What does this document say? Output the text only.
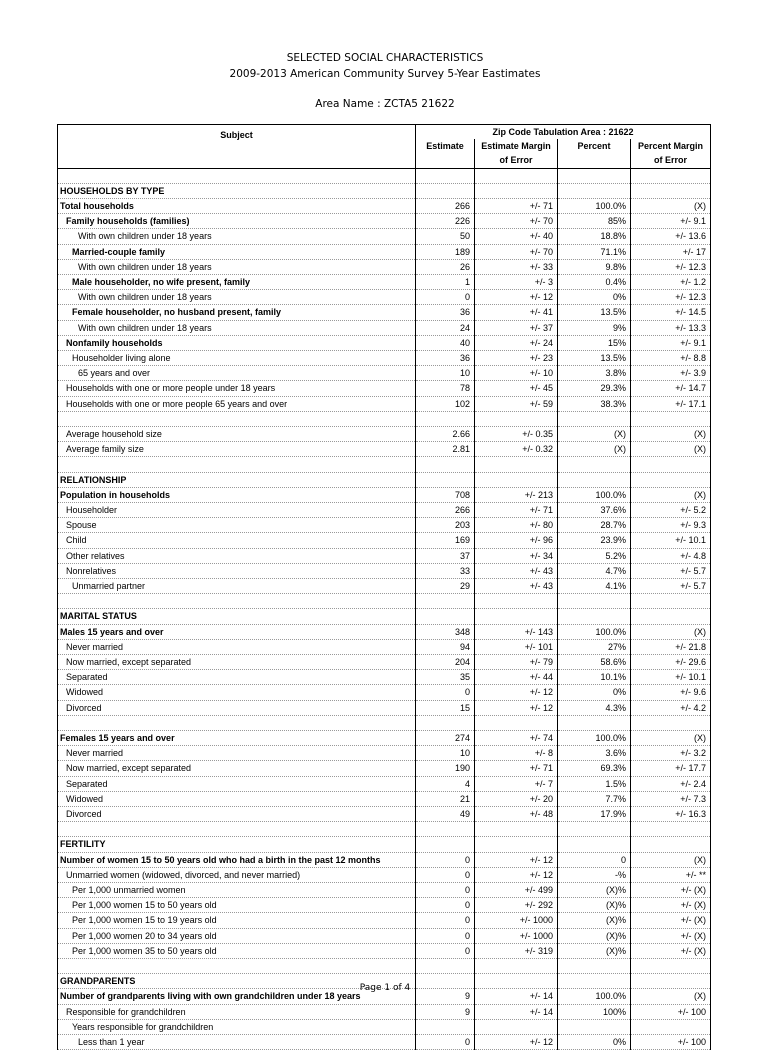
SELECTED SOCIAL CHARACTERISTICS
2009-2013 American Community Survey 5-Year Eastimates
Area Name : ZCTA5 21622
Subject	Zip Code Tabulation Area : 21622			
	Estimate	Estimate Margin	Percent	Percent Margin
		of Error		of Error

HOUSEHOLDS BY TYPE				
Total households	266	+/- 71	100.0%	(X)
Family households (families)	226	+/- 70	85%	+/- 9.1
With own children under 18 years	50	+/- 40	18.8%	+/- 13.6
Married-couple family	189	+/- 70	71.1%	+/- 17
With own children under 18 years	26	+/- 33	9.8%	+/- 12.3
Male householder, no wife present, family	1	+/- 3	0.4%	+/- 1.2
With own children under 18 years	0	+/- 12	0%	+/- 12.3
Female householder, no husband present, family	36	+/- 41	13.5%	+/- 14.5
With own children under 18 years	24	+/- 37	9%	+/- 13.3
Nonfamily households	40	+/- 24	15%	+/- 9.1
Householder living alone	36	+/- 23	13.5%	+/- 8.8
65 years and over	10	+/- 10	3.8%	+/- 3.9
Households with one or more people under 18 years	78	+/- 45	29.3%	+/- 14.7
Households with one or more people 65 years and over	102	+/- 59	38.3%	+/- 17.1

Average household size	2.66	+/- 0.35	(X)	(X)
Average family size	2.81	+/- 0.32	(X)	(X)

RELATIONSHIP				
Population in households	708	+/- 213	100.0%	(X)
Householder	266	+/- 71	37.6%	+/- 5.2
Spouse	203	+/- 80	28.7%	+/- 9.3
Child	169	+/- 96	23.9%	+/- 10.1
Other relatives	37	+/- 34	5.2%	+/- 4.8
Nonrelatives	33	+/- 43	4.7%	+/- 5.7
Unmarried partner	29	+/- 43	4.1%	+/- 5.7

MARITAL STATUS				
Males 15 years and over	348	+/- 143	100.0%	(X)
Never married	94	+/- 101	27%	+/- 21.8
Now married, except separated	204	+/- 79	58.6%	+/- 29.6
Separated	35	+/- 44	10.1%	+/- 10.1
Widowed	0	+/- 12	0%	+/- 9.6
Divorced	15	+/- 12	4.3%	+/- 4.2

Females 15 years and over	274	+/- 74	100.0%	(X)
Never married	10	+/- 8	3.6%	+/- 3.2
Now married, except separated	190	+/- 71	69.3%	+/- 17.7
Separated	4	+/- 7	1.5%	+/- 2.4
Widowed	21	+/- 20	7.7%	+/- 7.3
Divorced	49	+/- 48	17.9%	+/- 16.3

FERTILITY				
Number of women 15 to 50 years old who had a birth in the past 12 months	0	+/- 12	0	(X)
Unmarried women (widowed, divorced, and never married)	0	+/- 12	-%	+/- **
Per 1,000 unmarried women	0	+/- 499	(X)%	+/- (X)
Per 1,000 women 15 to 50 years old	0	+/- 292	(X)%	+/- (X)
Per 1,000 women 15 to 19 years old	0	+/- 1000	(X)%	+/- (X)
Per 1,000 women 20 to 34 years old	0	+/- 1000	(X)%	+/- (X)
Per 1,000 women 35 to 50 years old	0	+/- 319	(X)%	+/- (X)

GRANDPARENTS				
Number of grandparents living with own grandchildren under 18 years	9	+/- 14	100.0%	(X)
Responsible for grandchildren	9	+/- 14	100%	+/- 100
Years responsible for grandchildren				
Less than 1 year	0	+/- 12	0%	+/- 100
Page 1 of 4
